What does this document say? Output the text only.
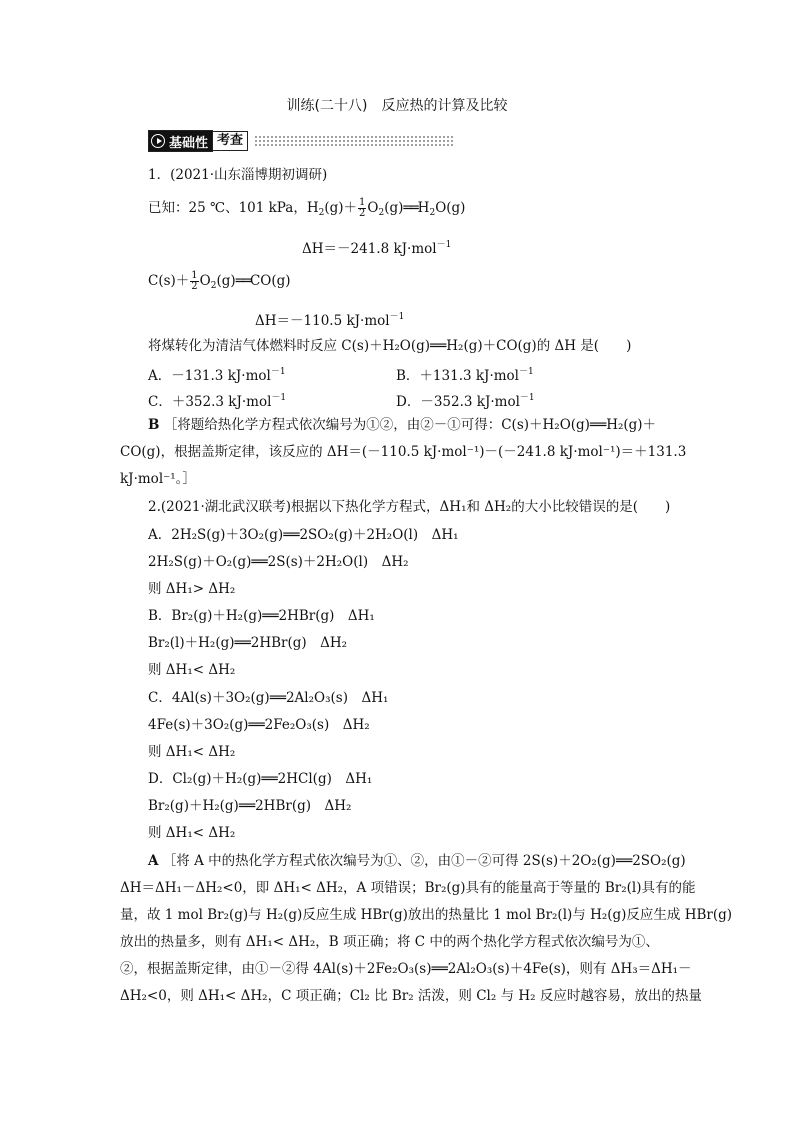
训练(二十八)　反应热的计算及比较
基础性 考查
1．(2021·山东淄博期初调研)
已知：25 ℃、101 kPa，$H_2(g)+ \frac{1}{2}$ $O_2(g)══H_2O(g)$
ΔH＝－241.8 kJ·mol$^{-1}$
$C(s)+ \frac{1}{2}$ $O_2(g)══CO(g)$
ΔH＝－110.5 kJ·mol$^{-1}$
将煤转化为清洁气体燃料时反应 C(s)＋H₂O(g)══H₂(g)＋CO(g)的 ΔH 是(　　)
A．－131.3 kJ·mol$^{-1}$	B．＋131.3 kJ·mol$^{-1}$
C．＋352.3 kJ·mol$^{-1}$	D．－352.3 kJ·mol$^{-1}$
B ［将题给热化学方程式依次编号为①②，由②－①可得：C(s)＋H₂O(g)══H₂(g)＋
CO(g)，根据盖斯定律，该反应的 ΔH＝(－110.5 kJ·mol⁻¹)－(－241.8 kJ·mol⁻¹)＝＋131.3
kJ·mol⁻¹。］
2.(2021·湖北武汉联考)根据以下热化学方程式，ΔH₁和 ΔH₂的大小比较错误的是(　　)
A．2H₂S(g)＋3O₂(g)══2SO₂(g)＋2H₂O(l)　ΔH₁
2H₂S(g)＋O₂(g)══2S(s)＋2H₂O(l)　ΔH₂
则 ΔH₁> ΔH₂
B．Br₂(g)＋H₂(g)══2HBr(g)　ΔH₁
Br₂(l)＋H₂(g)══2HBr(g)　ΔH₂
则 ΔH₁< ΔH₂
C．4Al(s)＋3O₂(g)══2Al₂O₃(s)　ΔH₁
4Fe(s)＋3O₂(g)══2Fe₂O₃(s)　ΔH₂
则 ΔH₁< ΔH₂
D．Cl₂(g)＋H₂(g)══2HCl(g)　ΔH₁
Br₂(g)＋H₂(g)══2HBr(g)　ΔH₂
则 ΔH₁< ΔH₂
A ［将 A 中的热化学方程式依次编号为①、②，由①－②可得 2S(s)＋2O₂(g)══2SO₂(g)
ΔH＝ΔH₁－ΔH₂<0，即 ΔH₁< ΔH₂，A 项错误；Br₂(g)具有的能量高于等量的 Br₂(l)具有的能
量，故 1 mol Br₂(g)与 H₂(g)反应生成 HBr(g)放出的热量比 1 mol Br₂(l)与 H₂(g)反应生成 HBr(g)
放出的热量多，则有 ΔH₁< ΔH₂，B 项正确；将 C 中的两个热化学方程式依次编号为①、
②，根据盖斯定律，由①－②得 4Al(s)＋2Fe₂O₃(s)══2Al₂O₃(s)＋4Fe(s)，则有 ΔH₃＝ΔH₁－
ΔH₂<0，则 ΔH₁< ΔH₂，C 项正确；Cl₂ 比 Br₂ 活泼，则 Cl₂ 与 H₂ 反应时越容易，放出的热量
